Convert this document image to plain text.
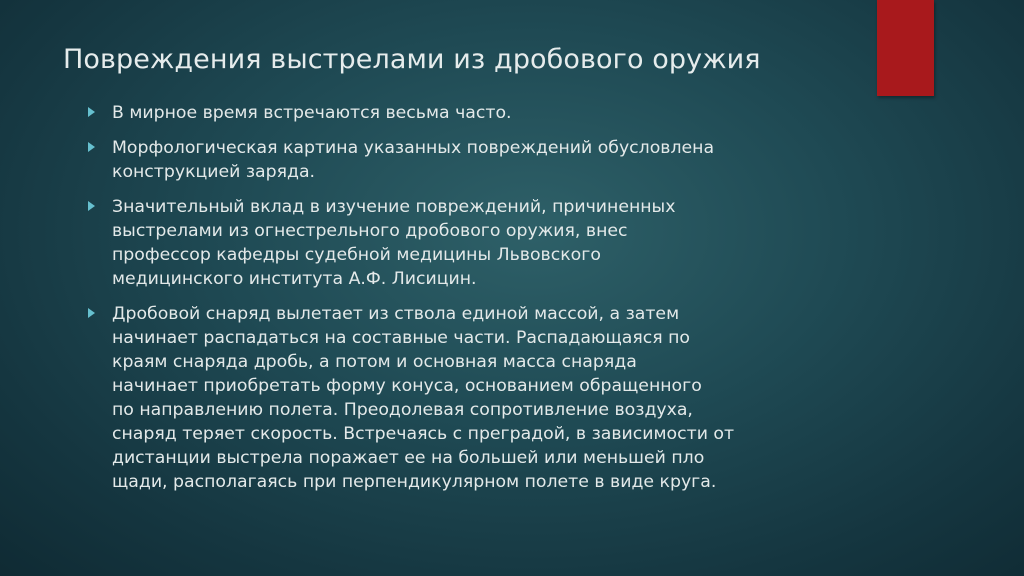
Повреждения выстрелами из дробового оружия
В мирное время встречаются весьма часто.
Морфологическая картина указанных повреждений обусловлена
конструкцией заряда.
Значительный вклад в изучение повреждений, причиненных
выстрелами из огнестрельного дробового оружия, внес
профессор кафедры судебной медицины Львовского
медицинского института А.Ф. Лисицин.
Дробовой снаряд вылетает из ствола единой массой, а затем
начинает распадаться на составные части. Распадающаяся по
краям снаряда дробь, а потом и основная масса снаряда
начинает приобретать форму конуса, основанием обращенного
по направлению полета. Преодолевая сопротивление воздуха,
снаряд теряет скорость. Встречаясь с преградой, в зависимости от
дистанции выстрела поражает ее на большей или меньшей пло
щади, располагаясь при перпендикулярном полете в виде круга.
